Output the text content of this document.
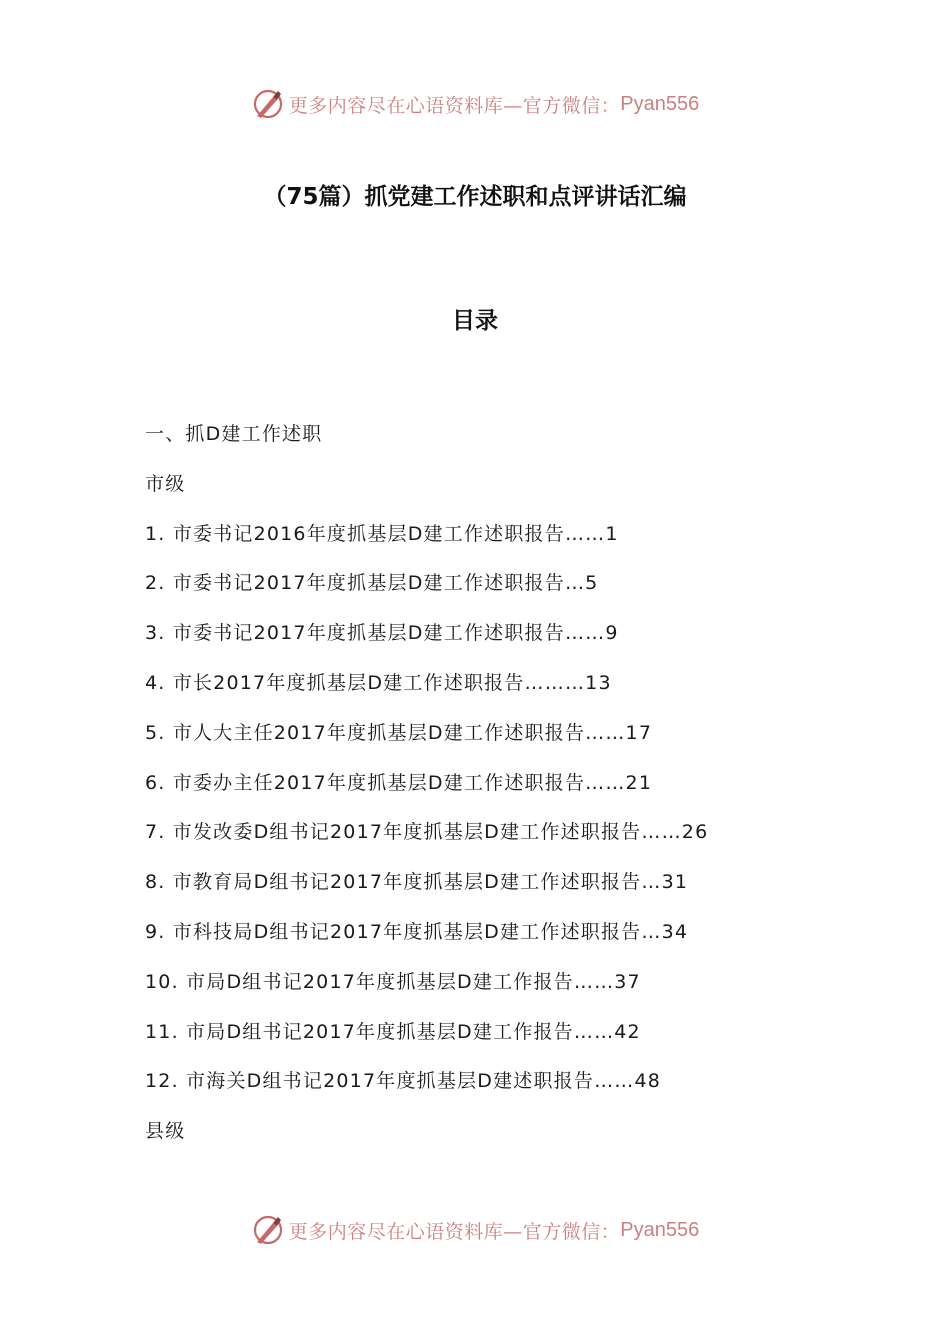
更多内容尽在心语资料库—官方微信： Pyan556
（75篇）抓党建工作述职和点评讲话汇编
目录
一、抓D建工作述职
市级
1. 市委书记2016年度抓基层D建工作述职报告……1
2. 市委书记2017年度抓基层D建工作述职报告…5
3. 市委书记2017年度抓基层D建工作述职报告……9
4. 市长2017年度抓基层D建工作述职报告………13
5. 市人大主任2017年度抓基层D建工作述职报告……17
6. 市委办主任2017年度抓基层D建工作述职报告……21
7. 市发改委D组书记2017年度抓基层D建工作述职报告……26
8. 市教育局D组书记2017年度抓基层D建工作述职报告…31
9. 市科技局D组书记2017年度抓基层D建工作述职报告…34
10. 市局D组书记2017年度抓基层D建工作报告……37
11. 市局D组书记2017年度抓基层D建工作报告……42
12. 市海关D组书记2017年度抓基层D建述职报告……48
县级
更多内容尽在心语资料库—官方微信： Pyan556
